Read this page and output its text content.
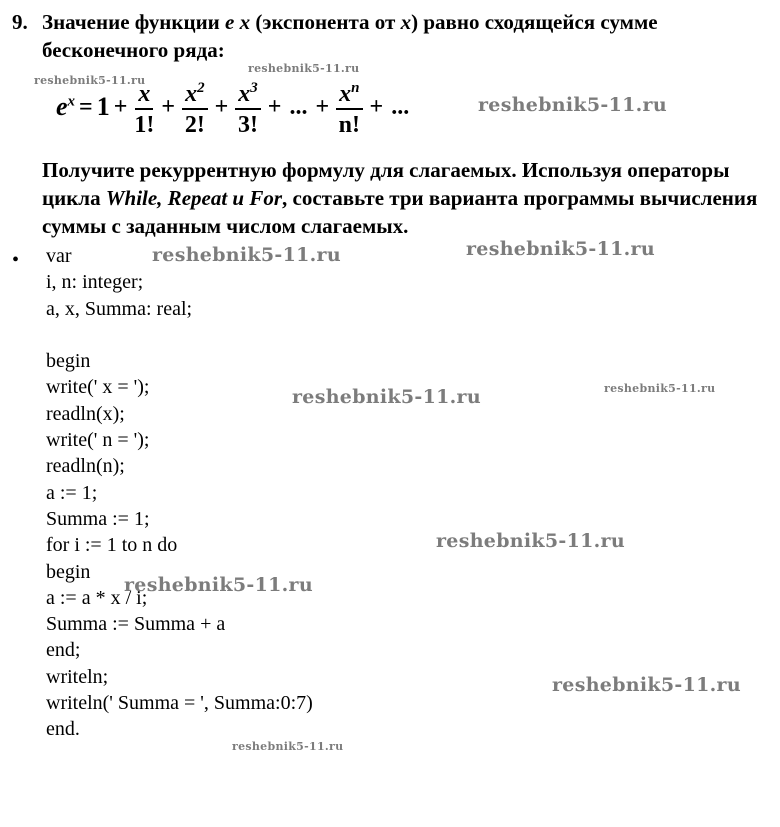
9. Значение функции e x (экспонента от x) равно сходящейся сумме
бесконечного ряда:
$e^x = 1 + \frac{x}{1!} + \frac{x^2}{2!} + \frac{x^3}{3!}$ + ... + $\frac{x^n}{n!}$ + ...
Получите рекуррентную формулу для слагаемых. Используя операторы цикла While, Repeat и For, составьте три варианта программы вычисления суммы с заданным числом слагаемых.
• var
i, n: integer;
a, x, Summa: real;
begin
write(' x = ');
readln(x);
write(' n = ');
readln(n);
a := 1;
Summa := 1;
for i := 1 to n do
begin
a := a * x / i;
Summa := Summa + a
end;
writeln;
writeln(' Summa = ', Summa:0:7)
end.
reshebnik5-11.ru
reshebnik5-11.ru
reshebnik5-11.ru
reshebnik5-11.ru	reshebnik5-11.ru
reshebnik5-11.ru	reshebnik5-11.ru
reshebnik5-11.ru
reshebnik5-11.ru
reshebnik5-11.ru
reshebnik5-11.ru
